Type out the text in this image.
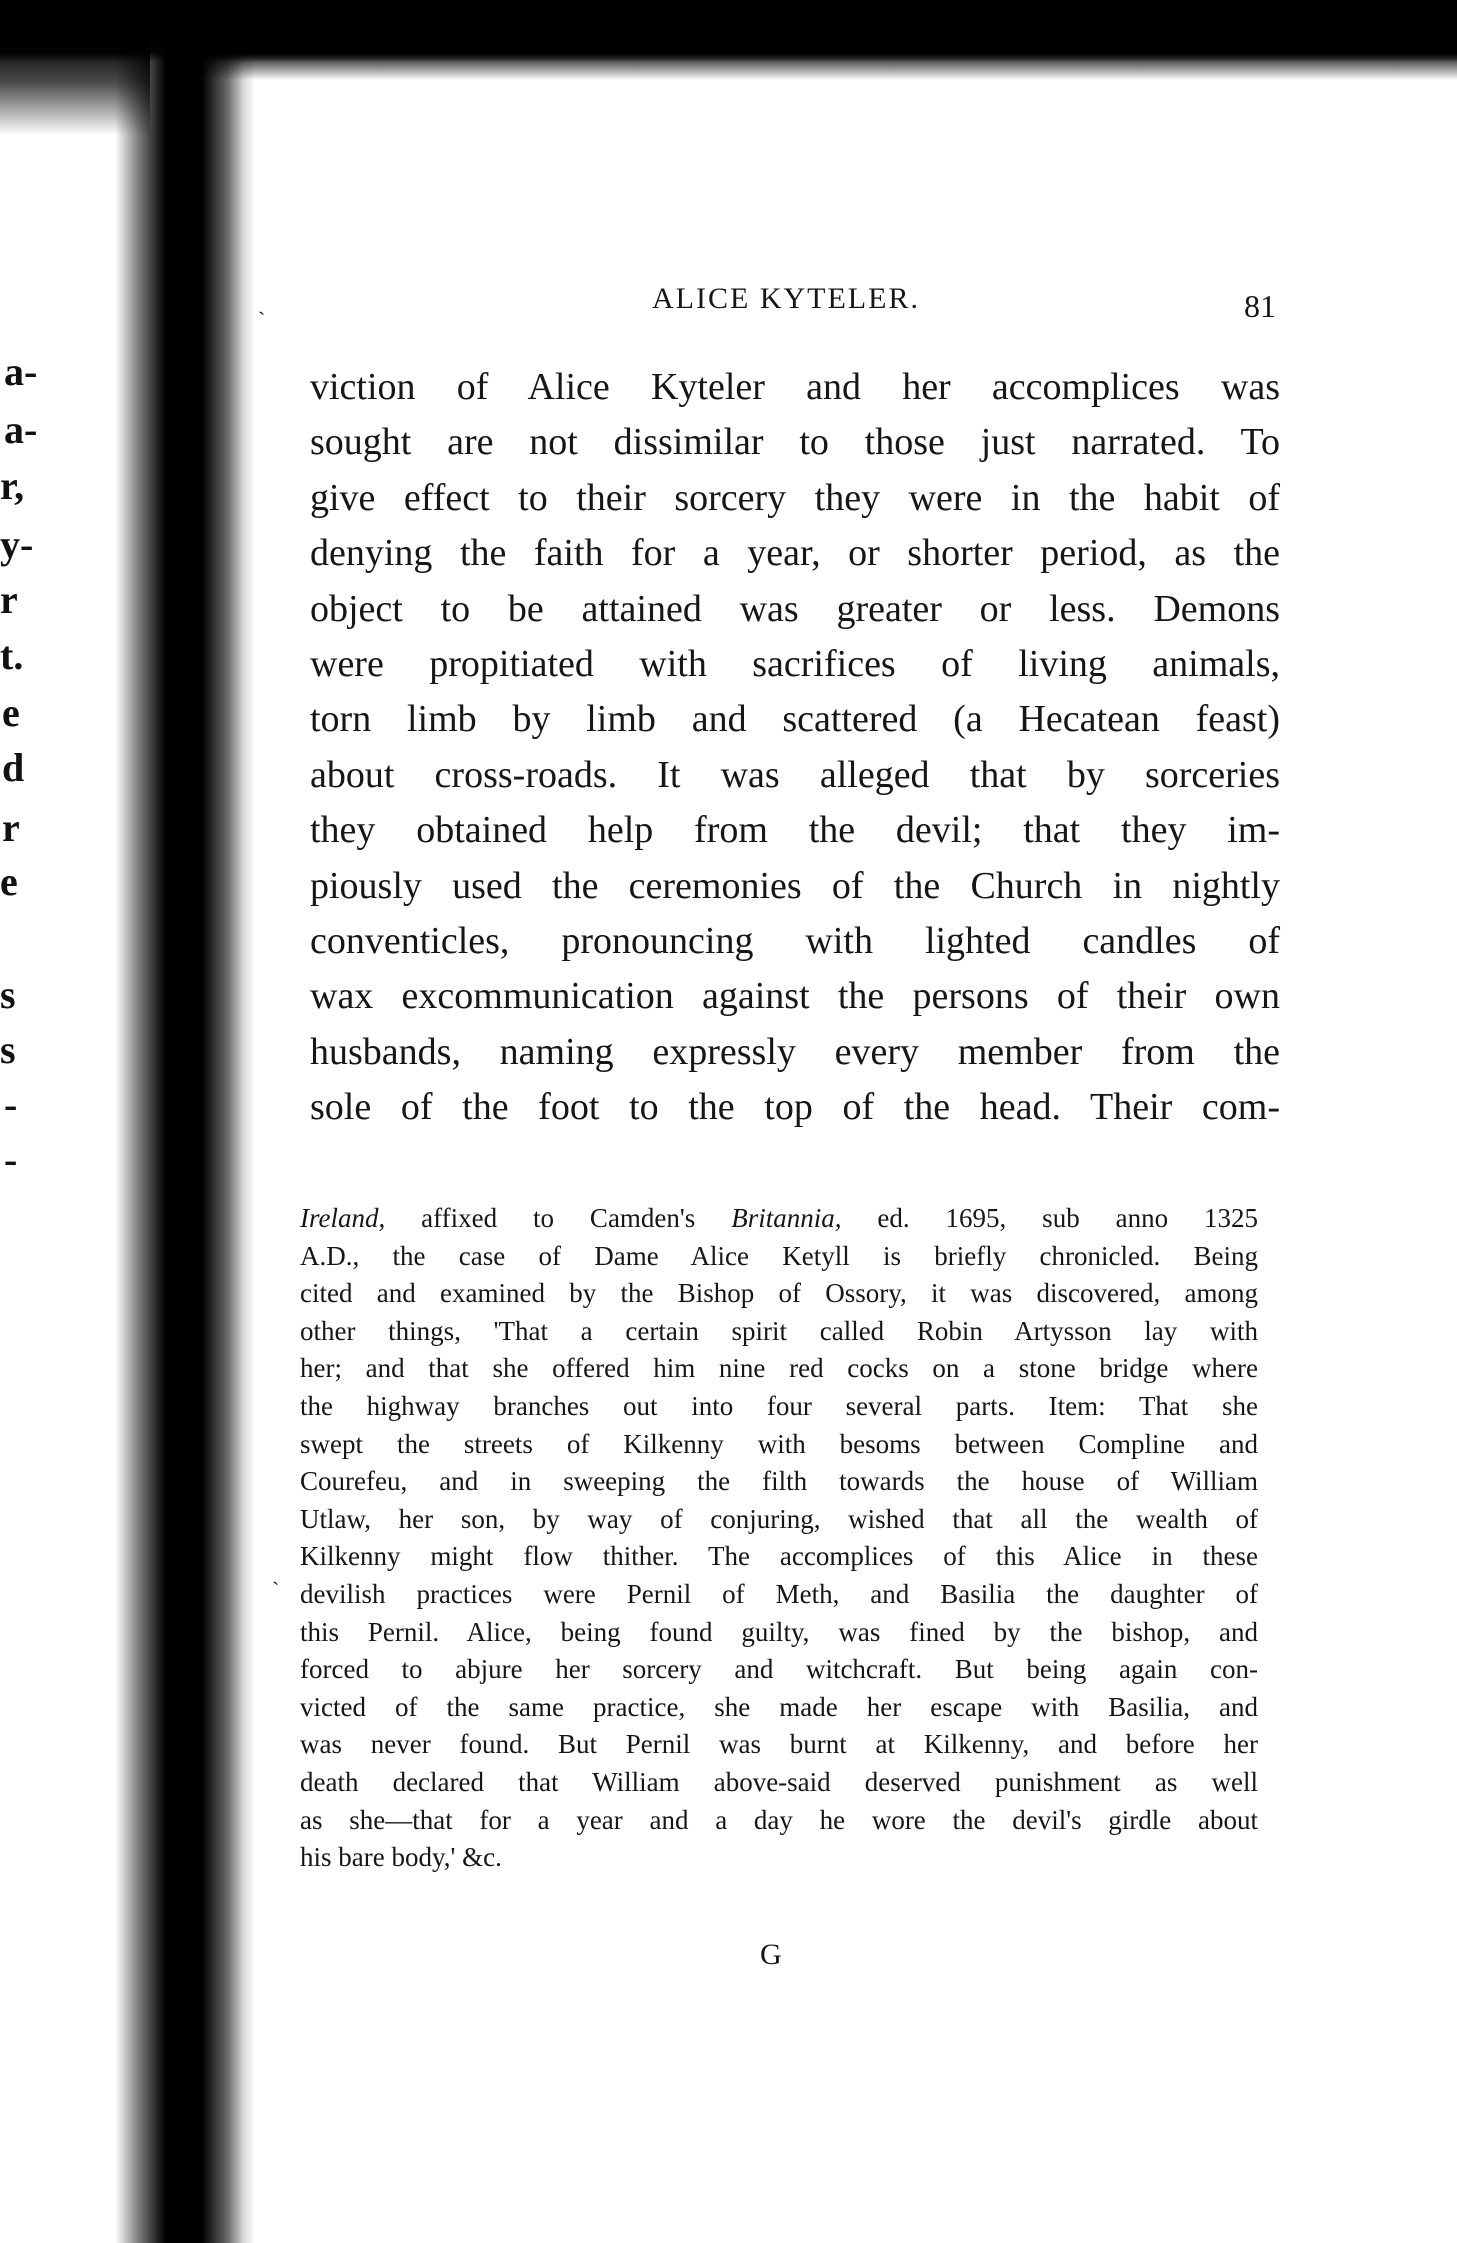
a-
a-
r,
y-
r
t.
e
d
r
e
s
s
-
-
ALICE KYTELER.	81
viction of Alice Kyteler and her accomplices was
sought are not dissimilar to those just narrated. To
give effect to their sorcery they were in the habit of
denying the faith for a year, or shorter period, as the
object to be attained was greater or less. Demons
were propitiated with sacrifices of living animals,
torn limb by limb and scattered (a Hecatean feast)
about cross-roads. It was alleged that by sorceries
they obtained help from the devil; that they im-
piously used the ceremonies of the Church in nightly
conventicles, pronouncing with lighted candles of
wax excommunication against the persons of their own
husbands, naming expressly every member from the
sole of the foot to the top of the head. Their com-
Ireland, affixed to Camden's Britannia, ed. 1695, sub anno 1325
A.D., the case of Dame Alice Ketyll is briefly chronicled. Being
cited and examined by the Bishop of Ossory, it was discovered, among
other things, 'That a certain spirit called Robin Artysson lay with
her; and that she offered him nine red cocks on a stone bridge where
the highway branches out into four several parts. Item: That she
swept the streets of Kilkenny with besoms between Compline and
Courefeu, and in sweeping the filth towards the house of William
Utlaw, her son, by way of conjuring, wished that all the wealth of
Kilkenny might flow thither. The accomplices of this Alice in these
devilish practices were Pernil of Meth, and Basilia the daughter of
this Pernil. Alice, being found guilty, was fined by the bishop, and
forced to abjure her sorcery and witchcraft. But being again con-
victed of the same practice, she made her escape with Basilia, and
was never found. But Pernil was burnt at Kilkenny, and before her
death declared that William above-said deserved punishment as well
as she—that for a year and a day he wore the devil's girdle about
his bare body,' &c.
G
ˎ
ˏ
